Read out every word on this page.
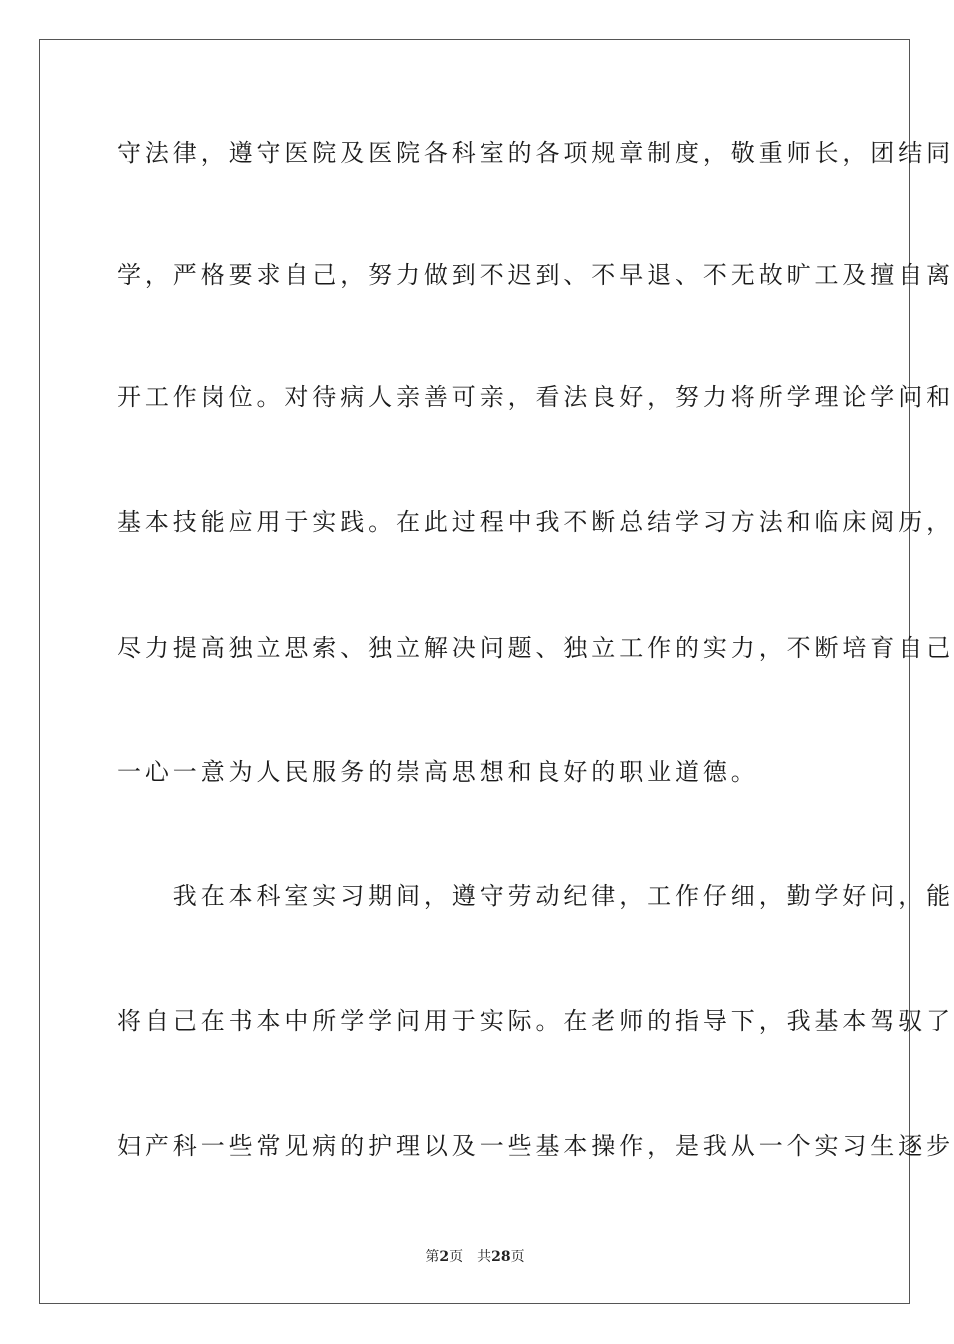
守法律，遵守医院及医院各科室的各项规章制度，敬重师长，团结同
学，严格要求自己，努力做到不迟到、不早退、不无故旷工及擅自离
开工作岗位。对待病人亲善可亲，看法良好，努力将所学理论学问和
基本技能应用于实践。在此过程中我不断总结学习方法和临床阅历，
尽力提高独立思索、独立解决问题、独立工作的实力，不断培育自己
一心一意为人民服务的崇高思想和良好的职业道德。
　　我在本科室实习期间，遵守劳动纪律，工作仔细，勤学好问，能
将自己在书本中所学学问用于实际。在老师的指导下，我基本驾驭了
妇产科一些常见病的护理以及一些基本操作，是我从一个实习生逐步
第2页 共28页
